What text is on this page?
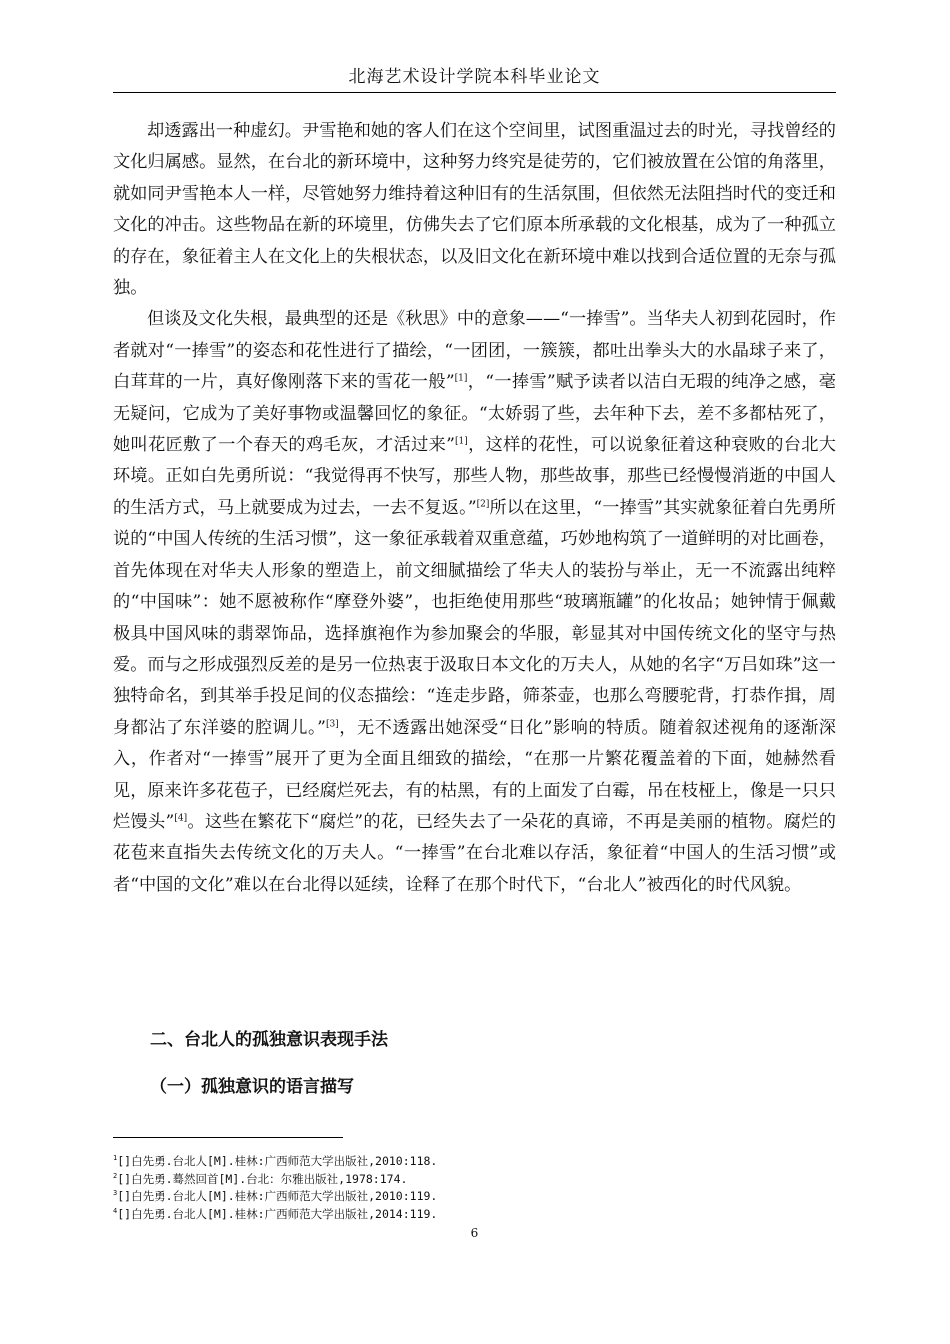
北海艺术设计学院本科毕业论文

却透露出一种虚幻。尹雪艳和她的客人们在这个空间里，试图重温过去的时光，寻找曾经的文化归属感。显然，在台北的新环境中，这种努力终究是徒劳的，它们被放置在公馆的角落里，就如同尹雪艳本人一样，尽管她努力维持着这种旧有的生活氛围，但依然无法阻挡时代的变迁和文化的冲击。这些物品在新的环境里，仿佛失去了它们原本所承载的文化根基，成为了一种孤立的存在，象征着主人在文化上的失根状态，以及旧文化在新环境中难以找到合适位置的无奈与孤独。

但谈及文化失根，最典型的还是《秋思》中的意象——“一捧雪”。当华夫人初到花园时，作者就对“一捧雪”的姿态和花性进行了描绘，“一团团，一簇簇，都吐出拳头大的水晶球子来了，白茸茸的一片，真好像刚落下来的雪花一般”[1]，“一捧雪”赋予读者以洁白无瑕的纯净之感，毫无疑问，它成为了美好事物或温馨回忆的象征。“太娇弱了些，去年种下去，差不多都枯死了，她叫花匠敷了一个春天的鸡毛灰，才活过来”[1]，这样的花性，可以说象征着这种衰败的台北大环境。正如白先勇所说：“我觉得再不快写，那些人物，那些故事，那些已经慢慢消逝的中国人的生活方式，马上就要成为过去，一去不复返。”[2]所以在这里，“一捧雪”其实就象征着白先勇所说的“中国人传统的生活习惯”，这一象征承载着双重意蕴，巧妙地构筑了一道鲜明的对比画卷，首先体现在对华夫人形象的塑造上，前文细腻描绘了华夫人的装扮与举止，无一不流露出纯粹的“中国味”：她不愿被称作“摩登外婆”，也拒绝使用那些“玻璃瓶罐”的化妆品；她钟情于佩戴极具中国风味的翡翠饰品，选择旗袍作为参加聚会的华服，彰显其对中国传统文化的坚守与热爱。而与之形成强烈反差的是另一位热衷于汲取日本文化的万夫人，从她的名字“万吕如珠”这一独特命名，到其举手投足间的仪态描绘：“连走步路，筛茶壶，也那么弯腰驼背，打恭作揖，周身都沾了东洋婆的腔调儿。”[3]，无不透露出她深受“日化”影响的特质。随着叙述视角的逐渐深入，作者对“一捧雪”展开了更为全面且细致的描绘，“在那一片繁花覆盖着的下面，她赫然看见，原来许多花苞子，已经腐烂死去，有的枯黑，有的上面发了白霉，吊在枝桠上，像是一只只烂馒头”[4]。这些在繁花下“腐烂”的花，已经失去了一朵花的真谛，不再是美丽的植物。腐烂的花苞来直指失去传统文化的万夫人。“一捧雪”在台北难以存活，象征着“中国人的生活习惯”或者“中国的文化”难以在台北得以延续，诠释了在那个时代下，“台北人”被西化的时代风貌。

二、台北人的孤独意识表现手法
（一）孤独意识的语言描写
$^1$[]白先勇.台北人[M].桂林:广西师范大学出版社,2010:118.
$^2$[]白先勇.蓦然回首[M].台北：尔雅出版社,1978:174.
$^3$[]白先勇.台北人[M].桂林:广西师范大学出版社,2010:119.
$^4$[]白先勇.台北人[M].桂林:广西师范大学出版社,2014:119.
6
